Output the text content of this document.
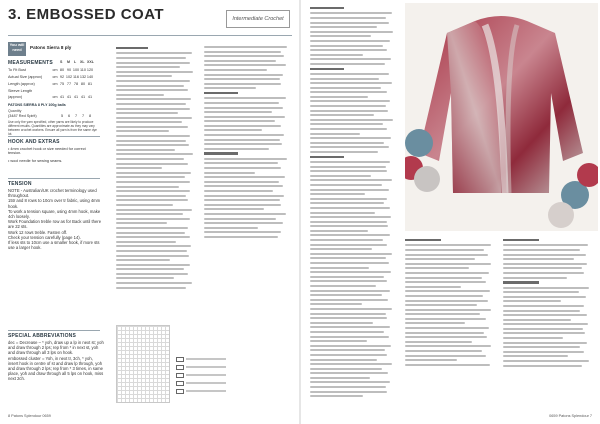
3. EMBOSSED COAT	Intermediate Crochet
You will need	Patons Sierra 8 ply
MEASUREMENTS S M L XL XXL
To Fit Bust	cm 80 90 100 110 120
Actual Size (approx)	cm 92 102 116 132 140
Length (approx)	cm 75 77 78 80 81
Sleeve Length
(approx)	cm 41 41 41 41 41
PATONS SIERRA 8 PLY 100g balls
Quantity
(3487 Red Spirit)	5	6	7	7	8
Use only the yarn specified, other yarns are likely to produce different results. Quantities are approximate as they may vary between crochet workers. Ensure all yarn is from the same dye lot.
HOOK AND EXTRAS
• 4mm crochet hook or size needed for correct tension.
• wool needle for sewing seams.
TENSION
NOTE - Australian/UK crochet terminology used throughout.
15tr and 8 rows to 10cm over tr fabric, using 4mm hook.
To work a tension square, using 4mm hook, make 4ch loosely.
Work Foundation treble row as for Back until there are 22 sts.
Work 12 rows treble. Fasten off.
Check your tension carefully (page 14).
If less sts to 10cm use a smaller hook, if more sts use a larger hook.
SPECIAL ABBREVIATIONS
dec = Decrease – * yoh, draw up a lp in next st; yoh and draw through 2 lps; rep from * in next st, yoh and draw through all 3 lps on hook.
embossed cluster = Yoh, in next tr, 3ch, * yoh, insert hook in centre of st and draw lp through, yoh and draw through 2 lps; rep from * 3 times, in same place, yoh and draw through all 5 lps on hook, miss next 2ch.
8 Patons Splendour 0659	0659 Patons Splendour 7
